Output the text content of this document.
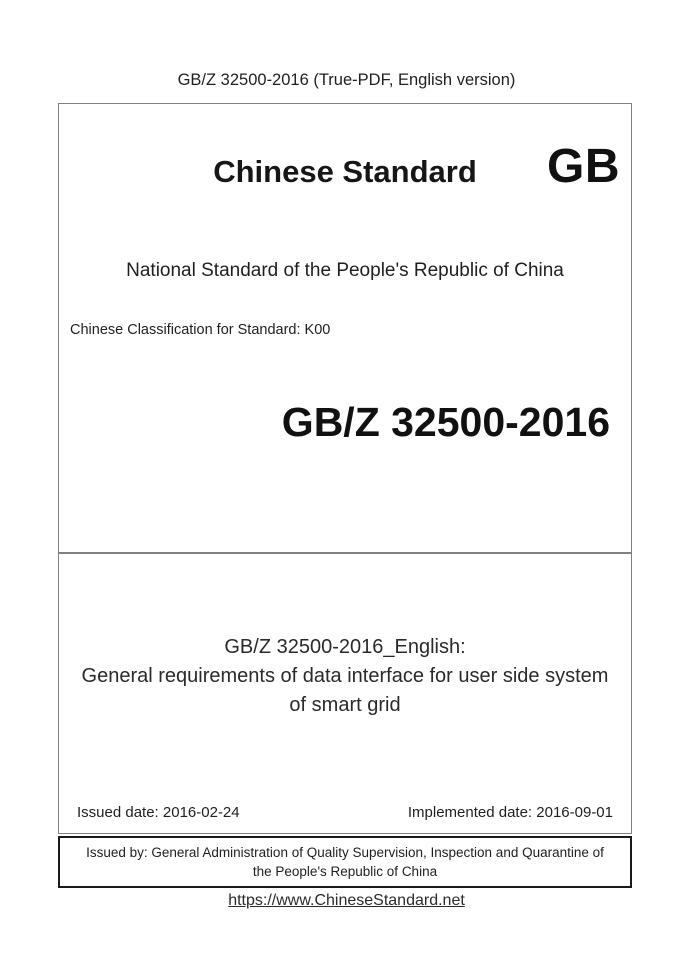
GB/Z 32500-2016 (True-PDF, English version)
Chinese Standard	GB
National Standard of the People's Republic of China
Chinese Classification for Standard: K00
GB/Z 32500-2016
GB/Z 32500-2016_English:
General requirements of data interface for user side system
of smart grid
Issued date: 2016-02-24	Implemented date: 2016-09-01
Issued by: General Administration of Quality Supervision, Inspection and Quarantine of
the People's Republic of China
https://www.ChineseStandard.net
